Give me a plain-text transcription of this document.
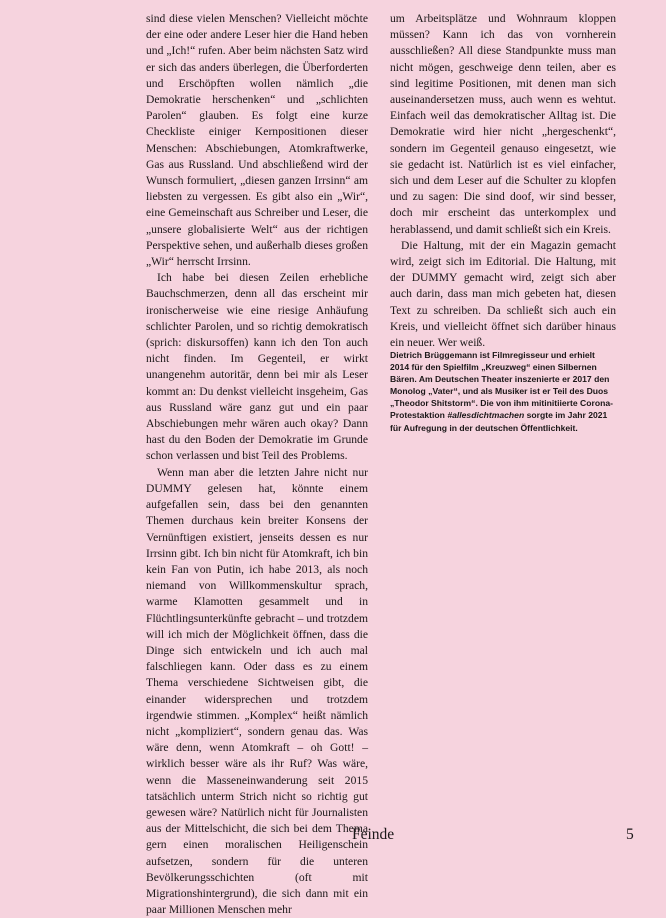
sind diese vielen Menschen? Vielleicht möchte der eine oder andere Leser hier die Hand heben und „Ich!“ rufen. Aber beim nächsten Satz wird er sich das anders überlegen, die Überforderten und Erschöpften wollen nämlich „die Demokratie herschenken“ und „schlichten Parolen“ glauben. Es folgt eine kurze Checkliste einiger Kernpositionen dieser Menschen: Abschiebungen, Atomkraftwerke, Gas aus Russland. Und abschließend wird der Wunsch formuliert, „diesen ganzen Irrsinn“ am liebsten zu vergessen. Es gibt also ein „Wir“, eine Gemeinschaft aus Schreiber und Leser, die „unsere globalisierte Welt“ aus der richtigen Perspektive sehen, und außerhalb dieses großen „Wir“ herrscht Irrsinn.

Ich habe bei diesen Zeilen erhebliche Bauchschmerzen, denn all das erscheint mir ironischerweise wie eine riesige Anhäufung schlichter Parolen, und so richtig demokratisch (sprich: diskursoffen) kann ich den Ton auch nicht finden. Im Gegenteil, er wirkt unangenehm autoritär, denn bei mir als Leser kommt an: Du denkst vielleicht insgeheim, Gas aus Russland wäre ganz gut und ein paar Abschiebungen mehr wären auch okay? Dann hast du den Boden der Demokratie im Grunde schon verlassen und bist Teil des Problems.

Wenn man aber die letzten Jahre nicht nur DUMMY gelesen hat, könnte einem aufgefallen sein, dass bei den genannten Themen durchaus kein breiter Konsens der Vernünftigen existiert, jenseits dessen es nur Irrsinn gibt. Ich bin nicht für Atomkraft, ich bin kein Fan von Putin, ich habe 2013, als noch niemand von Willkommenskultur sprach, warme Klamotten gesammelt und in Flüchtlingsunterkünfte gebracht – und trotzdem will ich mich der Möglichkeit öffnen, dass die Dinge sich entwickeln und ich auch mal falschliegen kann. Oder dass es zu einem Thema verschiedene Sichtweisen gibt, die einander widersprechen und trotzdem irgendwie stimmen. „Komplex“ heißt nämlich nicht „kompliziert“, sondern genau das. Was wäre denn, wenn Atomkraft – oh Gott! – wirklich besser wäre als ihr Ruf? Was wäre, wenn die Masseneinwanderung seit 2015 tatsächlich unterm Strich nicht so richtig gut gewesen wäre? Natürlich nicht für Journalisten aus der Mittelschicht, die sich bei dem Thema gern einen moralischen Heiligenschein aufsetzen, sondern für die unteren Bevölkerungsschichten (oft mit Migrationshintergrund), die sich dann mit ein paar Millionen Menschen mehr

um Arbeitsplätze und Wohnraum kloppen müssen? Kann ich das von vornherein ausschließen? All diese Standpunkte muss man nicht mögen, geschweige denn teilen, aber es sind legitime Positionen, mit denen man sich auseinandersetzen muss, auch wenn es wehtut. Einfach weil das demokratischer Alltag ist. Die Demokratie wird hier nicht „hergeschenkt“, sondern im Gegenteil genauso eingesetzt, wie sie gedacht ist. Natürlich ist es viel einfacher, sich und dem Leser auf die Schulter zu klopfen und zu sagen: Die sind doof, wir sind besser, doch mir erscheint das unterkomplex und herablassend, und damit schließt sich ein Kreis.

Die Haltung, mit der ein Magazin gemacht wird, zeigt sich im Editorial. Die Haltung, mit der DUMMY gemacht wird, zeigt sich aber auch darin, dass man mich gebeten hat, diesen Text zu schreiben. Da schließt sich auch ein Kreis, und vielleicht öffnet sich darüber hinaus ein neuer. Wer weiß.

Dietrich Brüggemann ist Filmregisseur und erhielt 2014 für den Spielfilm „Kreuzweg“ einen Silbernen Bären. Am Deutschen Theater inszenierte er 2017 den Monolog „Vater“, und als Musiker ist er Teil des Duos „Theodor Shitstorm“. Die von ihm mitinitiierte Corona-Protestaktion #allesdichtmachen sorgte im Jahr 2021 für Aufregung in der deutschen Öffentlichkeit.

Feinde	5
